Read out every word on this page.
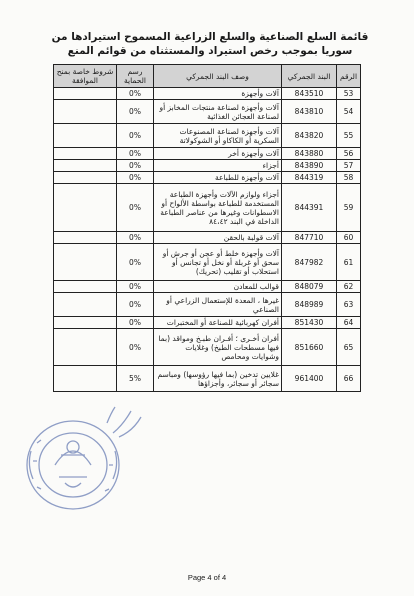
قائمة السلع الصناعية والسلع الزراعية المسموح استيرادها من سوريا بموجب رخص استيراد والمستثناه من قوائم المنع
الرقم	البند الجمركي	وصف البند الجمركي	رسم الحماية	شروط خاصة بمنح الموافقة
53	843510	آلات وأجهزة	0%	
54	843810	آلات وأجهزة لصناعة منتجات المخابز أو لصناعة العجائن الغذائية	0%	
55	843820	آلات وأجهزة لصناعة المصنوعات السكرية أو الكاكاو أو الشوكولاتة	0%	
56	843880	آلات وأجهزة أخر	0%	
57	843890	أجزاء	0%	
58	844319	آلات وأجهزة للطباعة	0%	
59	844391	أجزاء ولوازم الآلات وأجهزة الطباعة المستخدمة للطباعة بواسطة الألواح أو الاسطوانات وغيرها من عناصر الطباعة الداخلة في البند ٨٤،٤٢	0%	
60	847710	آلات قولبة بالحقن	0%	
61	847982	آلات وأجهزة خلط أو عجن أو جرش أو سحق أو غربلة أو نخل أو تجانس أو استحلاب أو تقليب (تحريك)	0%	
62	848079	قوالب للمعادن	0%	
63	848989	غيرها ، المعدة للإستعمال الزراعي أو الصناعي	0%	
64	851430	أفران كهربائية للصناعة أو المختبرات	0%	
65	851660	أفران أخـرى ؛ أفـران طبـخ ومواقد (بما فيها مسطحات الطبخ) وغلايات وشوايات ومحامص	0%	
66	961400	غلايين تدخين (بما فيها رؤوسها) ومباسم سجائر أو سجائر، وأجزاؤها	5%	
Page 4 of 4
